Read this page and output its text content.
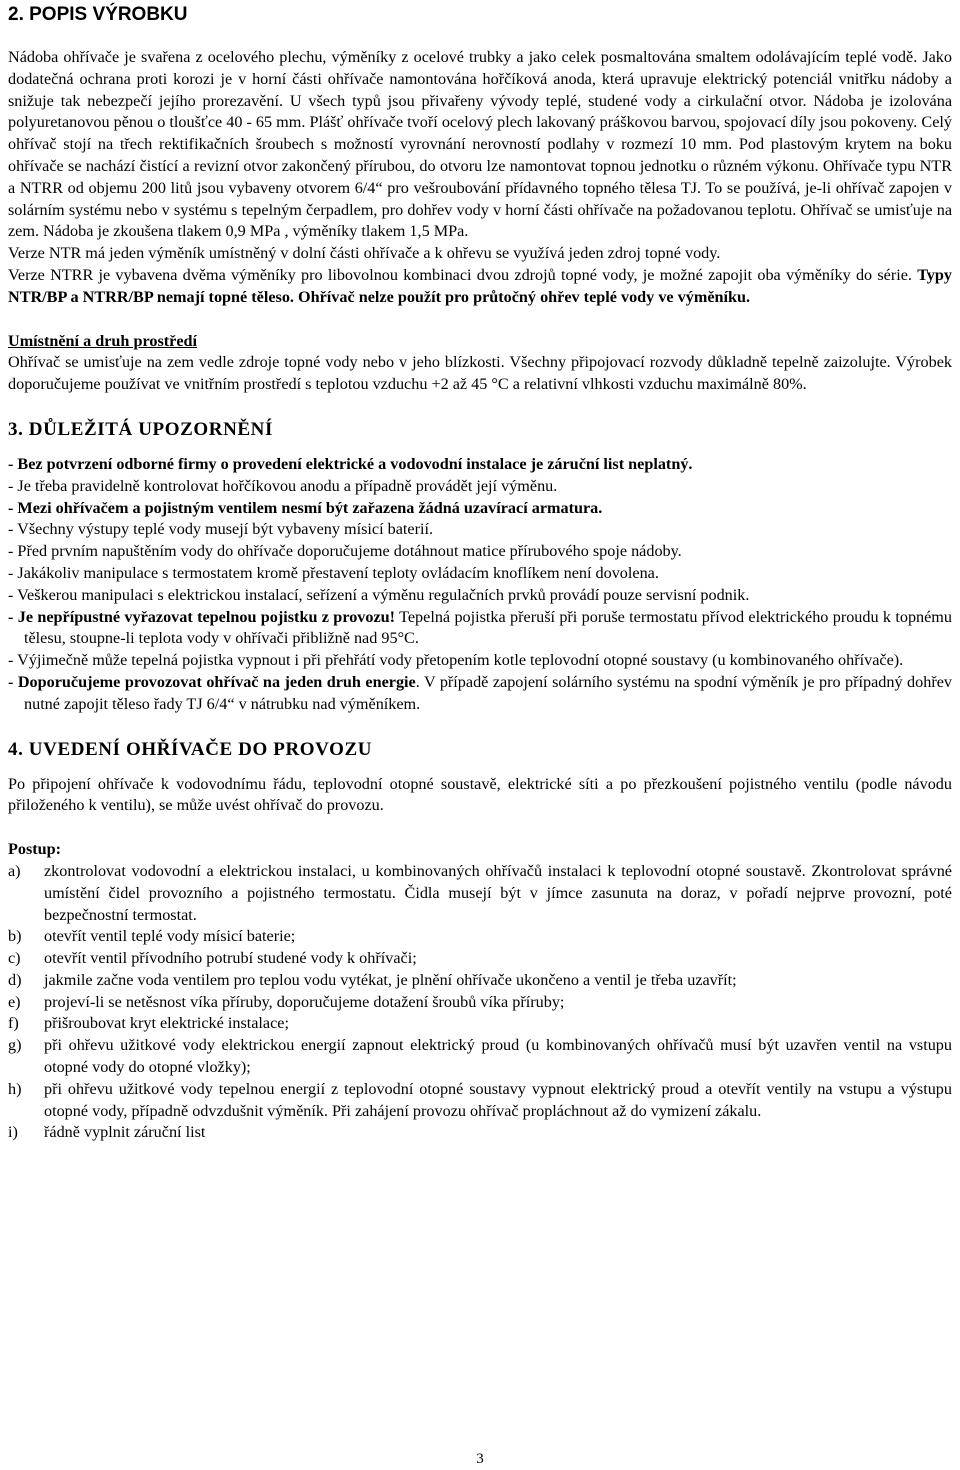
2. POPIS VÝROBKU

Nádoba ohřívače je svařena z ocelového plechu, výměníky z ocelové trubky a jako celek posmaltována smaltem odolávajícím teplé vodě. Jako dodatečná ochrana proti korozi je v horní části ohřívače namontována hořčíková anoda, která upravuje elektrický potenciál vnitřku nádoby a snižuje tak nebezpečí jejího prorezavění. U všech typů jsou přivařeny vývody teplé, studené vody a cirkulační otvor. Nádoba je izolována polyuretanovou pěnou o tloušťce 40 - 65 mm. Plášť ohřívače tvoří ocelový plech lakovaný práškovou barvou, spojovací díly jsou pokoveny. Celý ohřívač stojí na třech rektifikačních šroubech s možností vyrovnání nerovností podlahy v rozmezí 10 mm. Pod plastovým krytem na boku ohřívače se nachází čistící a revizní otvor zakončený přírubou, do otvoru lze namontovat topnou jednotku o různém výkonu. Ohřívače typu NTR a NTRR od objemu 200 litů jsou vybaveny otvorem 6/4“ pro vešroubování přídavného topného tělesa TJ. To se používá, je-li ohřívač zapojen v solárním systému nebo v systému s tepelným čerpadlem, pro dohřev vody v horní části ohřívače na požadovanou teplotu. Ohřívač se umisťuje na zem. Nádoba je zkoušena tlakem 0,9 MPa , výměníky tlakem 1,5 MPa.

Verze NTR má jeden výměník umístněný v dolní části ohřívače a k ohřevu se využívá jeden zdroj topné vody.

Verze NTRR je vybavena dvěma výměníky pro libovolnou kombinaci dvou zdrojů topné vody, je možné zapojit oba výměníky do série. Typy NTR/BP a NTRR/BP nemají topné těleso. Ohřívač nelze použít pro průtočný ohřev teplé vody ve výměníku.

Umístnění a druh prostředí

Ohřívač se umisťuje na zem vedle zdroje topné vody nebo v jeho blízkosti. Všechny připojovací rozvody důkladně tepelně zaizolujte. Výrobek doporučujeme používat ve vnitřním prostředí s teplotou vzduchu +2 až 45 °C a relativní vlhkosti vzduchu maximálně 80%.

3. DŮLEŽITÁ UPOZORNĚNÍ
- Bez potvrzení odborné firmy o provedení elektrické a vodovodní instalace je záruční list neplatný.
- Je třeba pravidelně kontrolovat hořčíkovou anodu a případně provádět její výměnu.
- Mezi ohřívačem a pojistným ventilem nesmí být zařazena žádná uzavírací armatura.
- Všechny výstupy teplé vody musejí být vybaveny mísicí baterií.
- Před prvním napuštěním vody do ohřívače doporučujeme dotáhnout matice přírubového spoje nádoby.
- Jakákoliv manipulace s termostatem kromě přestavení teploty ovládacím knoflíkem není dovolena.
- Veškerou manipulaci s elektrickou instalací, seřízení a výměnu regulačních prvků provádí pouze servisní podnik.
- Je nepřípustné vyřazovat tepelnou pojistku z provozu! Tepelná pojistka přeruší při poruše termostatu přívod elektrického proudu k topnému tělesu, stoupne-li teplota vody v ohřívači přibližně nad 95°C.
- Výjimečně může tepelná pojistka vypnout i při přehřátí vody přetopením kotle teplovodní otopné soustavy (u kombinovaného ohřívače).
- Doporučujeme provozovat ohřívač na jeden druh energie. V případě zapojení solárního systému na spodní výměník je pro případný dohřev nutné zapojit těleso řady TJ 6/4“ v nátrubku nad výměníkem.
4. UVEDENÍ OHŘÍVAČE DO PROVOZU

Po připojení ohřívače k vodovodnímu řádu, teplovodní otopné soustavě, elektrické síti a po přezkoušení pojistného ventilu (podle návodu přiloženého k ventilu), se může uvést ohřívač do provozu.

Postup:

a)	zkontrolovat vodovodní a elektrickou instalaci, u kombinovaných ohřívačů instalaci k teplovodní otopné soustavě. Zkontrolovat správné umístění čidel provozního a pojistného termostatu. Čidla musejí být v jímce zasunuta na doraz, v pořadí nejprve provozní, poté bezpečnostní termostat.
b)	otevřít ventil teplé vody mísicí baterie;
c)	otevřít ventil přívodního potrubí studené vody k ohřívači;
d)	jakmile začne voda ventilem pro teplou vodu vytékat, je plnění ohřívače ukončeno a ventil je třeba uzavřít;
e)	projeví-li se netěsnost víka příruby, doporučujeme dotažení šroubů víka příruby;
f)	přišroubovat kryt elektrické instalace;
g)	při ohřevu užitkové vody elektrickou energií zapnout elektrický proud (u kombinovaných ohřívačů musí být uzavřen ventil na vstupu otopné vody do otopné vložky);
h)	při ohřevu užitkové vody tepelnou energií z teplovodní otopné soustavy vypnout elektrický proud a otevřít ventily na vstupu a výstupu otopné vody, případně odvzdušnit výměník. Při zahájení provozu ohřívač propláchnout až do vymizení zákalu.
i)	řádně vyplnit záruční list
3
